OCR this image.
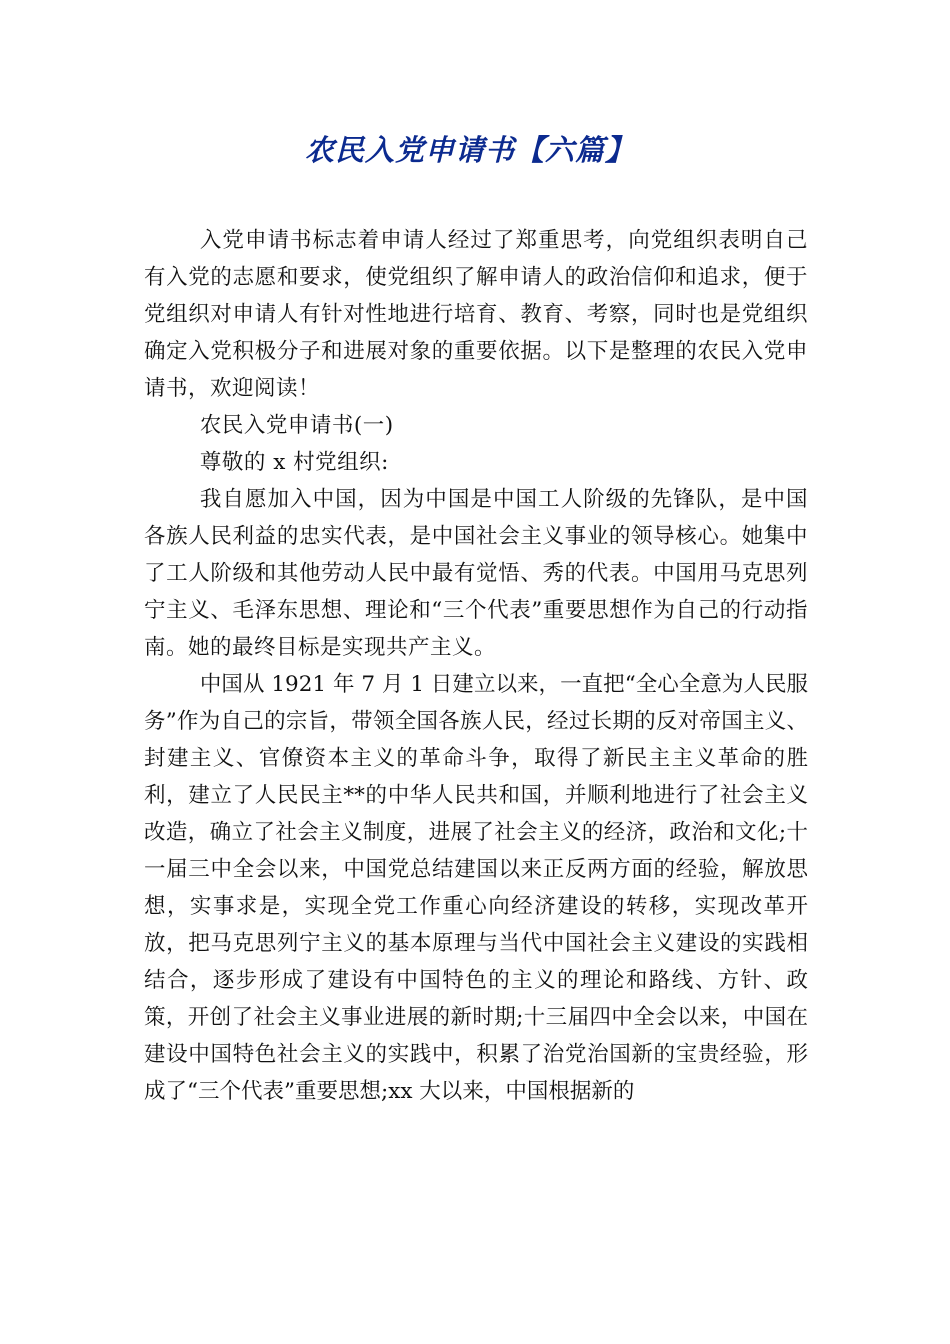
农民入党申请书【六篇】

入党申请书标志着申请人经过了郑重思考，向党组织表明自己有入党的志愿和要求，使党组织了解申请人的政治信仰和追求，便于党组织对申请人有针对性地进行培育、教育、考察，同时也是党组织确定入党积极分子和进展对象的重要依据。以下是整理的农民入党申请书，欢迎阅读！

农民入党申请书(一)

尊敬的 x 村党组织:

我自愿加入中国，因为中国是中国工人阶级的先锋队，是中国各族人民利益的忠实代表，是中国社会主义事业的领导核心。她集中了工人阶级和其他劳动人民中最有觉悟、秀的代表。中国用马克思列宁主义、毛泽东思想、理论和“三个代表”重要思想作为自己的行动指南。她的最终目标是实现共产主义。

中国从 1921 年 7 月 1 日建立以来，一直把“全心全意为人民服务”作为自己的宗旨，带领全国各族人民，经过长期的反对帝国主义、封建主义、官僚资本主义的革命斗争，取得了新民主主义革命的胜利，建立了人民民主**的中华人民共和国，并顺利地进行了社会主义改造，确立了社会主义制度，进展了社会主义的经济，政治和文化;十一届三中全会以来，中国党总结建国以来正反两方面的经验，解放思想，实事求是，实现全党工作重心向经济建设的转移，实现改革开放，把马克思列宁主义的基本原理与当代中国社会主义建设的实践相结合，逐步形成了建设有中国特色的主义的理论和路线、方针、政策，开创了社会主义事业进展的新时期;十三届四中全会以来，中国在建设中国特色社会主义的实践中，积累了治党治国新的宝贵经验，形成了“三个代表”重要思想;xx 大以来，中国根据新的
